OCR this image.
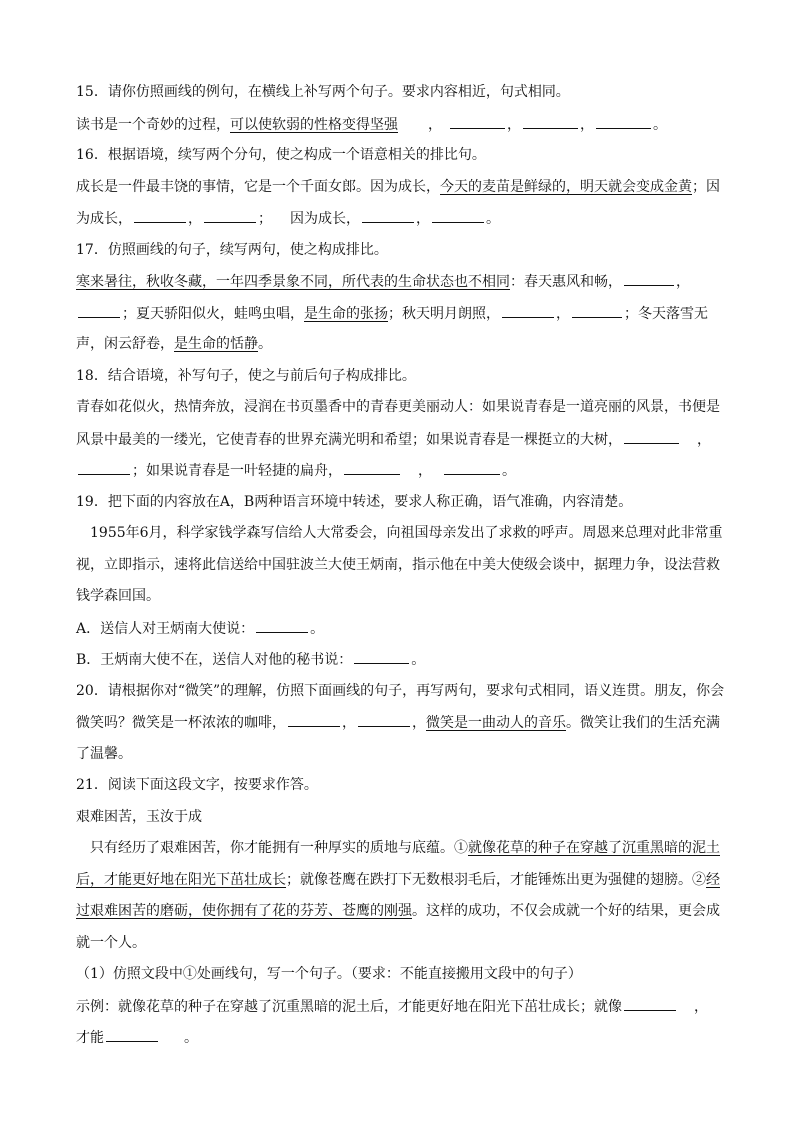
15．请你仿照画线的例句，在横线上补写两个句子。要求内容相近，句式相同。
读书是一个奇妙的过程，可以使软弱的性格变得坚强 ，	，	，	。
16．根据语境，续写两个分句，使之构成一个语意相关的排比句。
成长是一件最丰饶的事情，它是一个千面女郎。因为成长，今天的麦苗是鲜绿的，明天就会变成金黄；因
为成长，	，	； 因为成长，	，	。
17．仿照画线的句子，续写两句，使之构成排比。
寒来暑往，秋收冬藏，一年四季景象不同，所代表的生命状态也不相同：春天惠风和畅，	，
；夏天骄阳似火，蛙鸣虫唱，是生命的张扬；秋天明月朗照，	，	；冬天落雪无
声，闲云舒卷，是生命的恬静。
18．结合语境，补写句子，使之与前后句子构成排比。
青春如花似火，热情奔放，浸润在书页墨香中的青春更美丽动人：如果说青春是一道亮丽的风景，书便是
风景中最美的一缕光，它使青春的世界充满光明和希望；如果说青春是一棵挺立的大树，	，
；如果说青春是一叶轻捷的扁舟，	，	。
19．把下面的内容放在A，B两种语言环境中转述，要求人称正确，语气准确，内容清楚。
1955年6月，科学家钱学森写信给人大常委会，向祖国母亲发出了求救的呼声。周恩来总理对此非常重
视，立即指示，速将此信送给中国驻波兰大使王炳南，指示他在中美大使级会谈中，据理力争，设法营救
钱学森回国。
A．送信人对王炳南大使说：	。
B．王炳南大使不在，送信人对他的秘书说：	。
20．请根据你对“微笑”的理解，仿照下面画线的句子，再写两句，要求句式相同，语义连贯。朋友，你会
微笑吗？微笑是一杯浓浓的咖啡，	，	，微笑是一曲动人的音乐。微笑让我们的生活充满
了温馨。
21．阅读下面这段文字，按要求作答。
艰难困苦，玉汝于成
只有经历了艰难困苦，你才能拥有一种厚实的质地与底蕴。①就像花草的种子在穿越了沉重黑暗的泥土
后，才能更好地在阳光下茁壮成长；就像苍鹰在跌打下无数根羽毛后，才能锤炼出更为强健的翅膀。②经
过艰难困苦的磨砺，使你拥有了花的芬芳、苍鹰的刚强。这样的成功，不仅会成就一个好的结果，更会成
就一个人。
（1）仿照文段中①处画线句，写一个句子。（要求：不能直接搬用文段中的句子）
示例：就像花草的种子在穿越了沉重黑暗的泥土后，才能更好地在阳光下茁壮成长；就像	，
才能	。
